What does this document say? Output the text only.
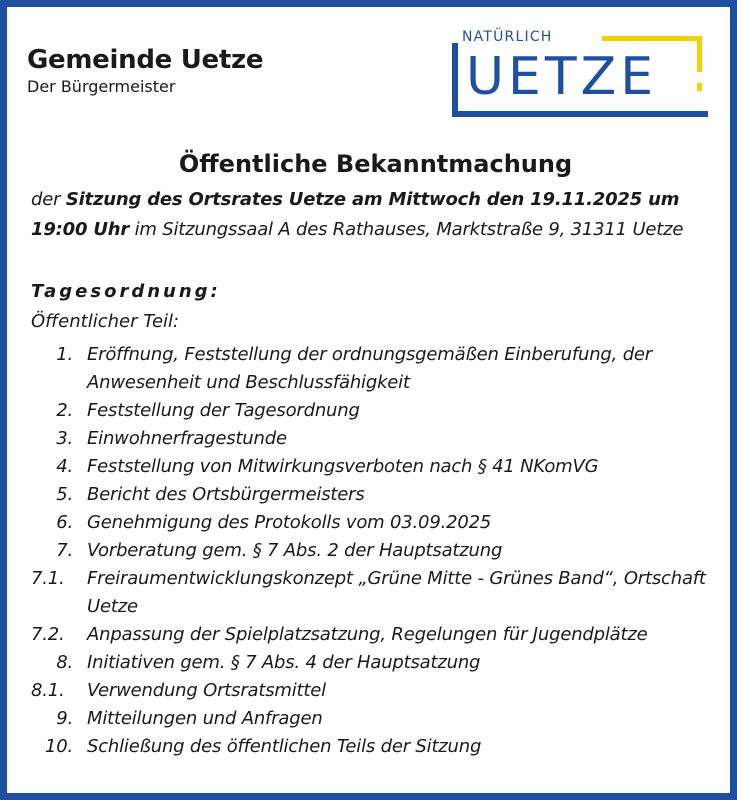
Gemeinde Uetze
Der Bürgermeister
NATÜRLICH
UETZE
Öffentliche Bekanntmachung
der Sitzung des Ortsrates Uetze am Mittwoch den 19.11.2025 um 19:00 Uhr im Sitzungssaal A des Rathauses, Marktstraße 9, 31311 Uetze
Tagesordnung:
Öffentlicher Teil:
1. Eröffnung, Feststellung der ordnungsgemäßen Einberufung, der Anwesenheit und Beschlussfähigkeit
2. Feststellung der Tagesordnung
3. Einwohnerfragestunde
4. Feststellung von Mitwirkungsverboten nach § 41 NKomVG
5. Bericht des Ortsbürgermeisters
6. Genehmigung des Protokolls vom 03.09.2025
7. Vorberatung gem. § 7 Abs. 2 der Hauptsatzung
7.1.	Freiraumentwicklungskonzept „Grüne Mitte - Grünes Band“, Ortschaft Uetze
7.2.	Anpassung der Spielplatzsatzung, Regelungen für Jugendplätze
8. Initiativen gem. § 7 Abs. 4 der Hauptsatzung
8.1.	Verwendung Ortsratsmittel
9. Mitteilungen und Anfragen
10. Schließung des öffentlichen Teils der Sitzung
